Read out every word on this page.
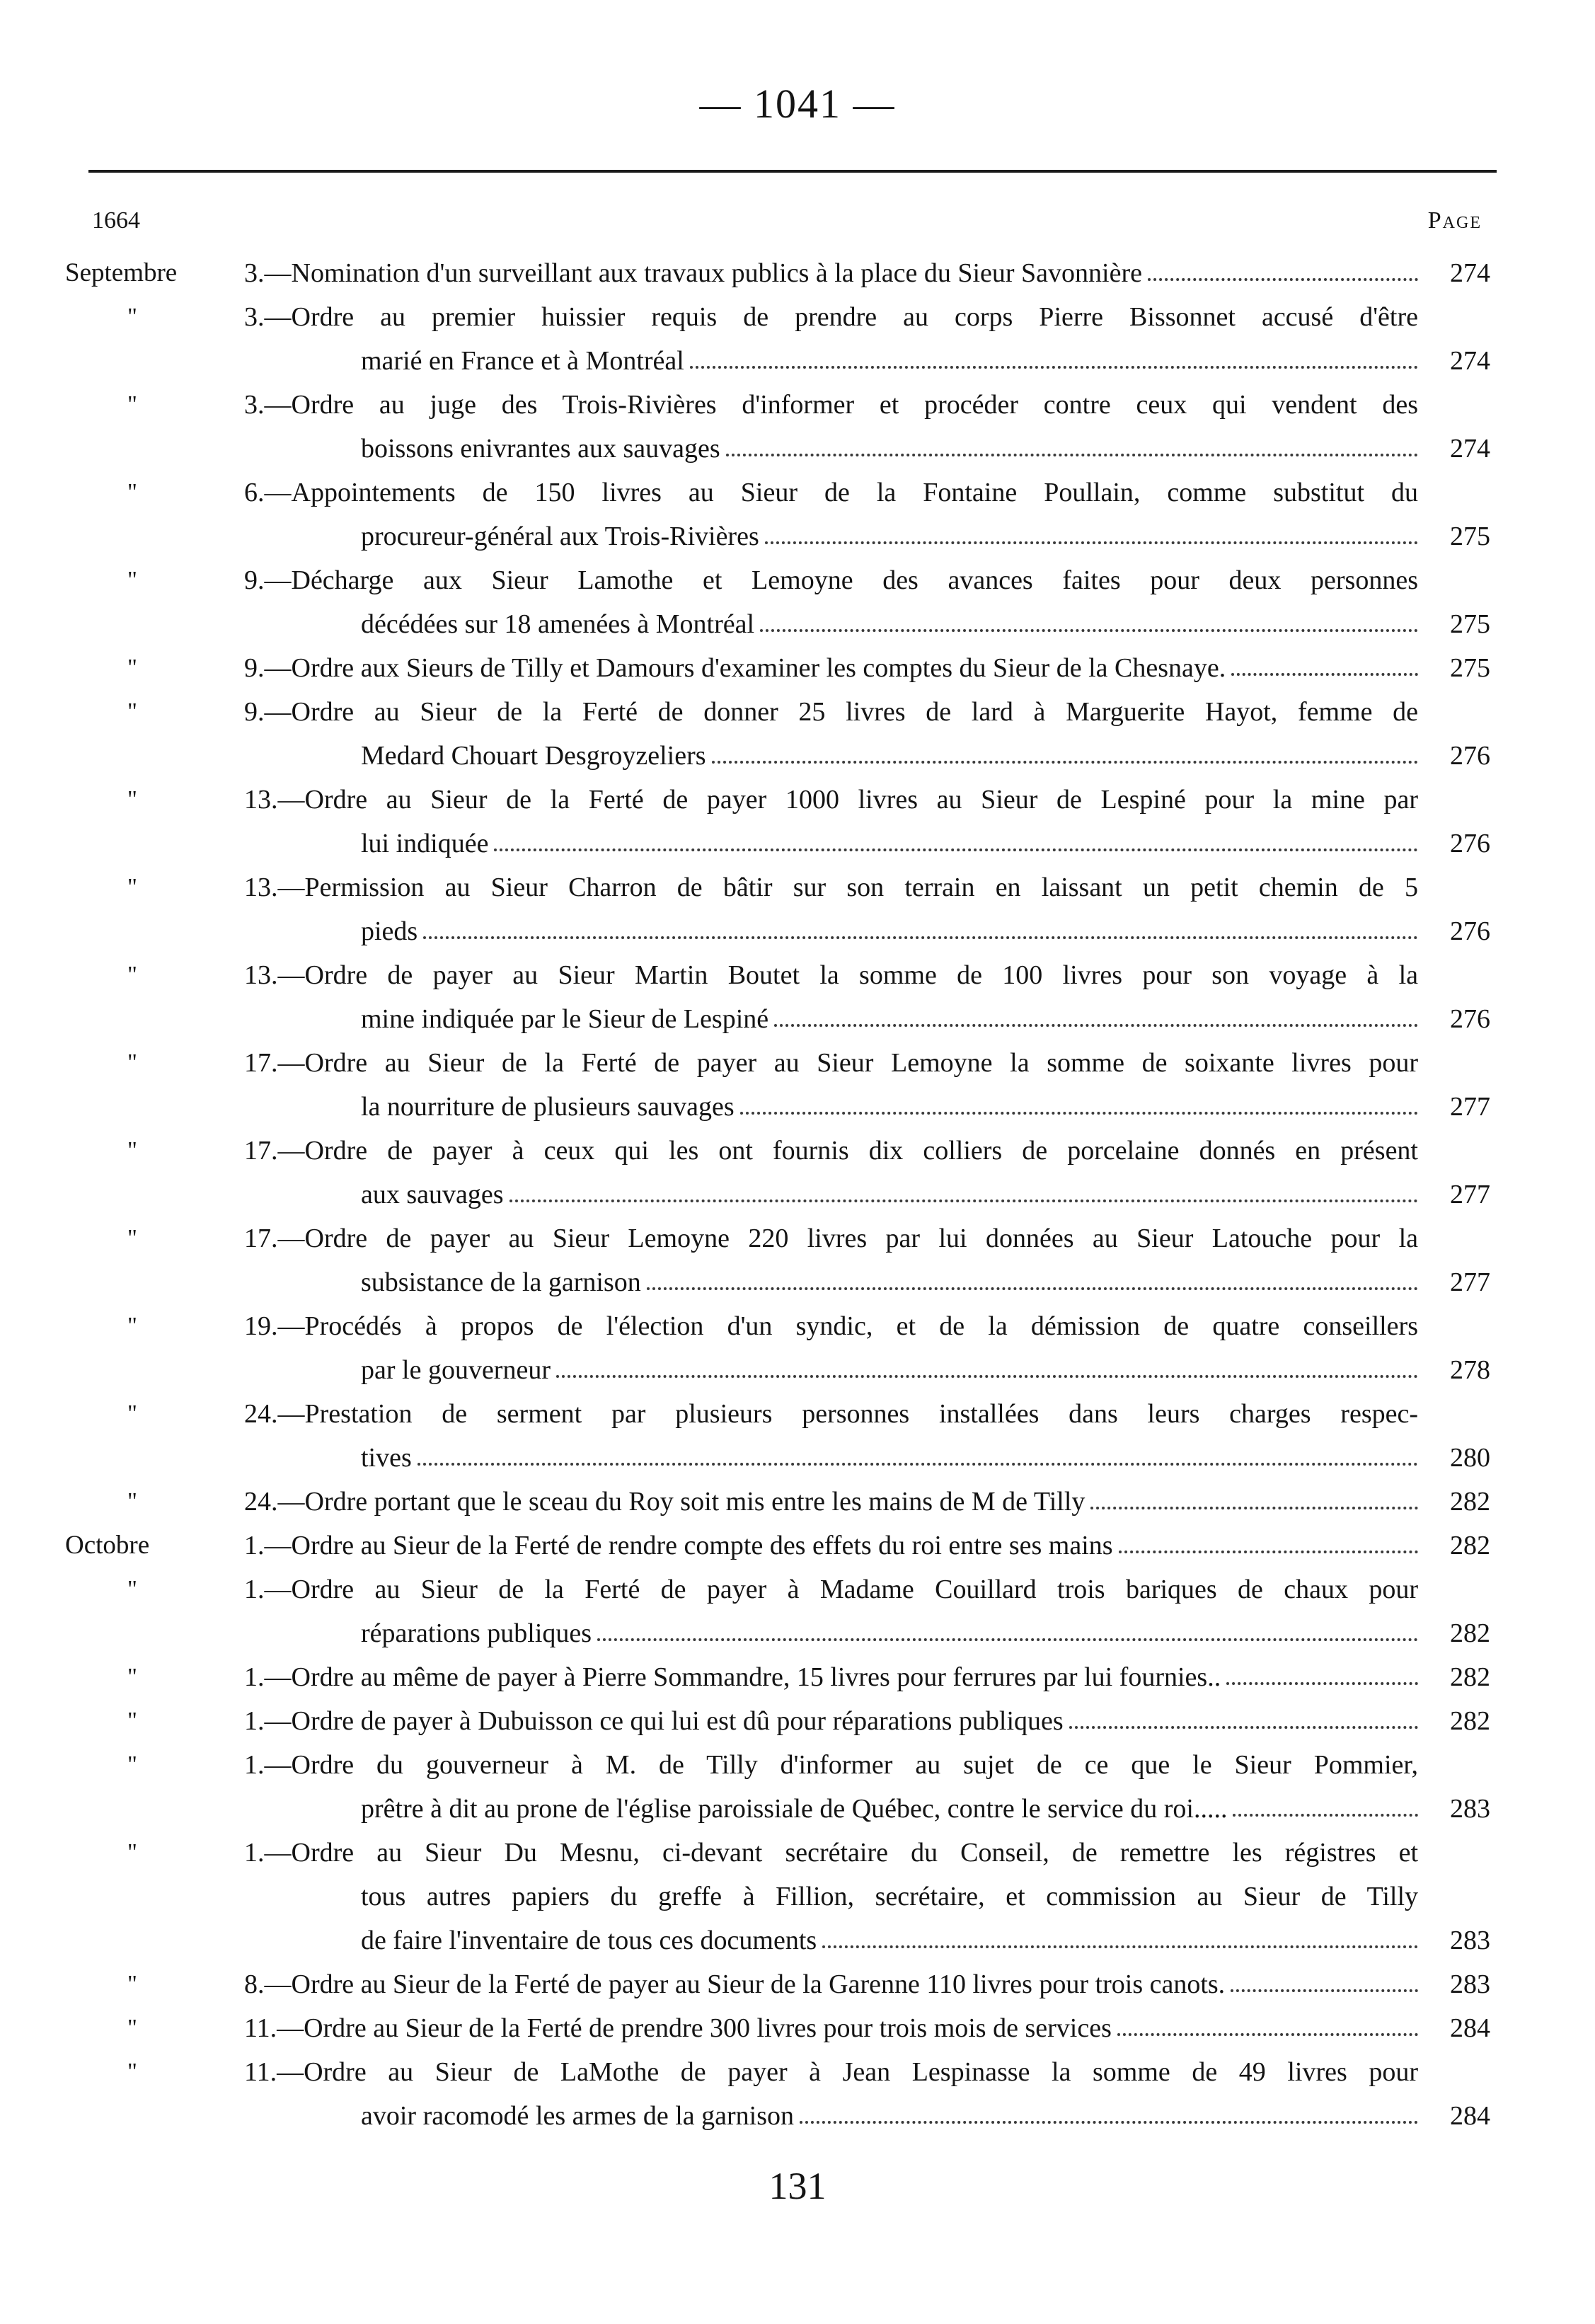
— 1041 —
1664	Page
Septembre	3.—Nomination d'un surveillant aux travaux publics à la place du Sieur Savonnière	274
"	3.—Ordre au premier huissier requis de prendre au corps Pierre Bissonnet accusé d'être
marié en France et à Montréal	274
"	3.—Ordre au juge des Trois-Rivières d'informer et procéder contre ceux qui vendent des
boissons enivrantes aux sauvages	274
"	6.—Appointements de 150 livres au Sieur de la Fontaine Poullain, comme substitut du
procureur-général aux Trois-Rivières	275
"	9.—Décharge aux Sieur Lamothe et Lemoyne des avances faites pour deux personnes
décédées sur 18 amenées à Montréal	275
"	9.—Ordre aux Sieurs de Tilly et Damours d'examiner les comptes du Sieur de la Chesnaye.	275
"	9.—Ordre au Sieur de la Ferté de donner 25 livres de lard à Marguerite Hayot, femme de
Medard Chouart Desgroyzeliers	276
"	13.—Ordre au Sieur de la Ferté de payer 1000 livres au Sieur de Lespiné pour la mine par
lui indiquée	276
"	13.—Permission au Sieur Charron de bâtir sur son terrain en laissant un petit chemin de 5
pieds	276
"	13.—Ordre de payer au Sieur Martin Boutet la somme de 100 livres pour son voyage à la
mine indiquée par le Sieur de Lespiné	276
"	17.—Ordre au Sieur de la Ferté de payer au Sieur Lemoyne la somme de soixante livres pour
la nourriture de plusieurs sauvages	277
"	17.—Ordre de payer à ceux qui les ont fournis dix colliers de porcelaine donnés en présent
aux sauvages	277
"	17.—Ordre de payer au Sieur Lemoyne 220 livres par lui données au Sieur Latouche pour la
subsistance de la garnison	277
"	19.—Procédés à propos de l'élection d'un syndic, et de la démission de quatre conseillers
par le gouverneur	278
"	24.—Prestation de serment par plusieurs personnes installées dans leurs charges respec-
tives	280
"	24.—Ordre portant que le sceau du Roy soit mis entre les mains de M de Tilly	282
Octobre	1.—Ordre au Sieur de la Ferté de rendre compte des effets du roi entre ses mains	282
"	1.—Ordre au Sieur de la Ferté de payer à Madame Couillard trois bariques de chaux pour
réparations publiques	282
"	1.—Ordre au même de payer à Pierre Sommandre, 15 livres pour ferrures par lui fournies..	282
"	1.—Ordre de payer à Dubuisson ce qui lui est dû pour réparations publiques	282
"	1.—Ordre du gouverneur à M. de Tilly d'informer au sujet de ce que le Sieur Pommier,
prêtre à dit au prone de l'église paroissiale de Québec, contre le service du roi.....	283
"	1.—Ordre au Sieur Du Mesnu, ci-devant secrétaire du Conseil, de remettre les régistres et
tous autres papiers du greffe à Fillion, secrétaire, et commission au Sieur de Tilly
de faire l'inventaire de tous ces documents	283
"	8.—Ordre au Sieur de la Ferté de payer au Sieur de la Garenne 110 livres pour trois canots.	283
"	11.—Ordre au Sieur de la Ferté de prendre 300 livres pour trois mois de services	284
"	11.—Ordre au Sieur de LaMothe de payer à Jean Lespinasse la somme de 49 livres pour
avoir racomodé les armes de la garnison	284
131
